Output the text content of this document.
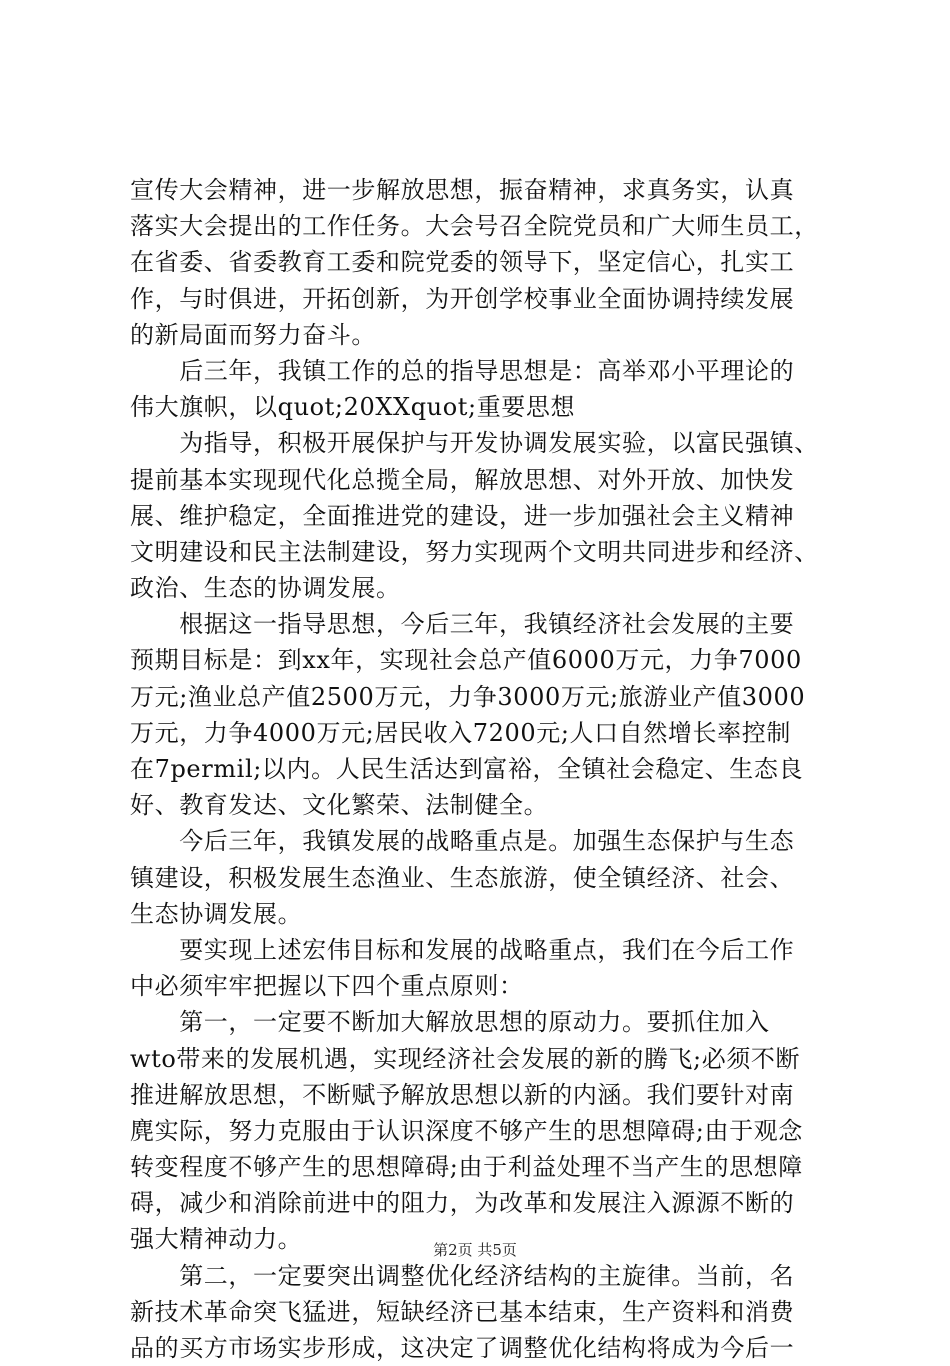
宣传大会精神，进一步解放思想，振奋精神，求真务实，认真
落实大会提出的工作任务。大会号召全院党员和广大师生员工，
在省委、省委教育工委和院党委的领导下，坚定信心，扎实工
作，与时俱进，开拓创新，为开创学校事业全面协调持续发展
的新局面而努力奋斗。
　　后三年，我镇工作的总的指导思想是：高举邓小平理论的
伟大旗帜，以quot;20XXquot;重要思想
　　为指导，积极开展保护与开发协调发展实验，以富民强镇、
提前基本实现现代化总揽全局，解放思想、对外开放、加快发
展、维护稳定，全面推进党的建设，进一步加强社会主义精神
文明建设和民主法制建设，努力实现两个文明共同进步和经济、
政治、生态的协调发展。
　　根据这一指导思想，今后三年，我镇经济社会发展的主要
预期目标是：到xx年，实现社会总产值6000万元，力争7000
万元;渔业总产值2500万元，力争3000万元;旅游业产值3000
万元，力争4000万元;居民收入7200元;人口自然增长率控制
在7permil;以内。人民生活达到富裕，全镇社会稳定、生态良
好、教育发达、文化繁荣、法制健全。
　　今后三年，我镇发展的战略重点是。加强生态保护与生态
镇建设，积极发展生态渔业、生态旅游，使全镇经济、社会、
生态协调发展。
　　要实现上述宏伟目标和发展的战略重点，我们在今后工作
中必须牢牢把握以下四个重点原则：
　　第一，一定要不断加大解放思想的原动力。要抓住加入
wto带来的发展机遇，实现经济社会发展的新的腾飞;必须不断
推进解放思想，不断赋予解放思想以新的内涵。我们要针对南
麂实际，努力克服由于认识深度不够产生的思想障碍;由于观念
转变程度不够产生的思想障碍;由于利益处理不当产生的思想障
碍，减少和消除前进中的阻力，为改革和发展注入源源不断的
强大精神动力。
　　第二，一定要突出调整优化经济结构的主旋律。当前，名
新技术革命突飞猛进，短缺经济已基本结束，生产资料和消费
品的买方市场实步形成，这决定了调整优化结构将成为今后一
第2页 共5页
